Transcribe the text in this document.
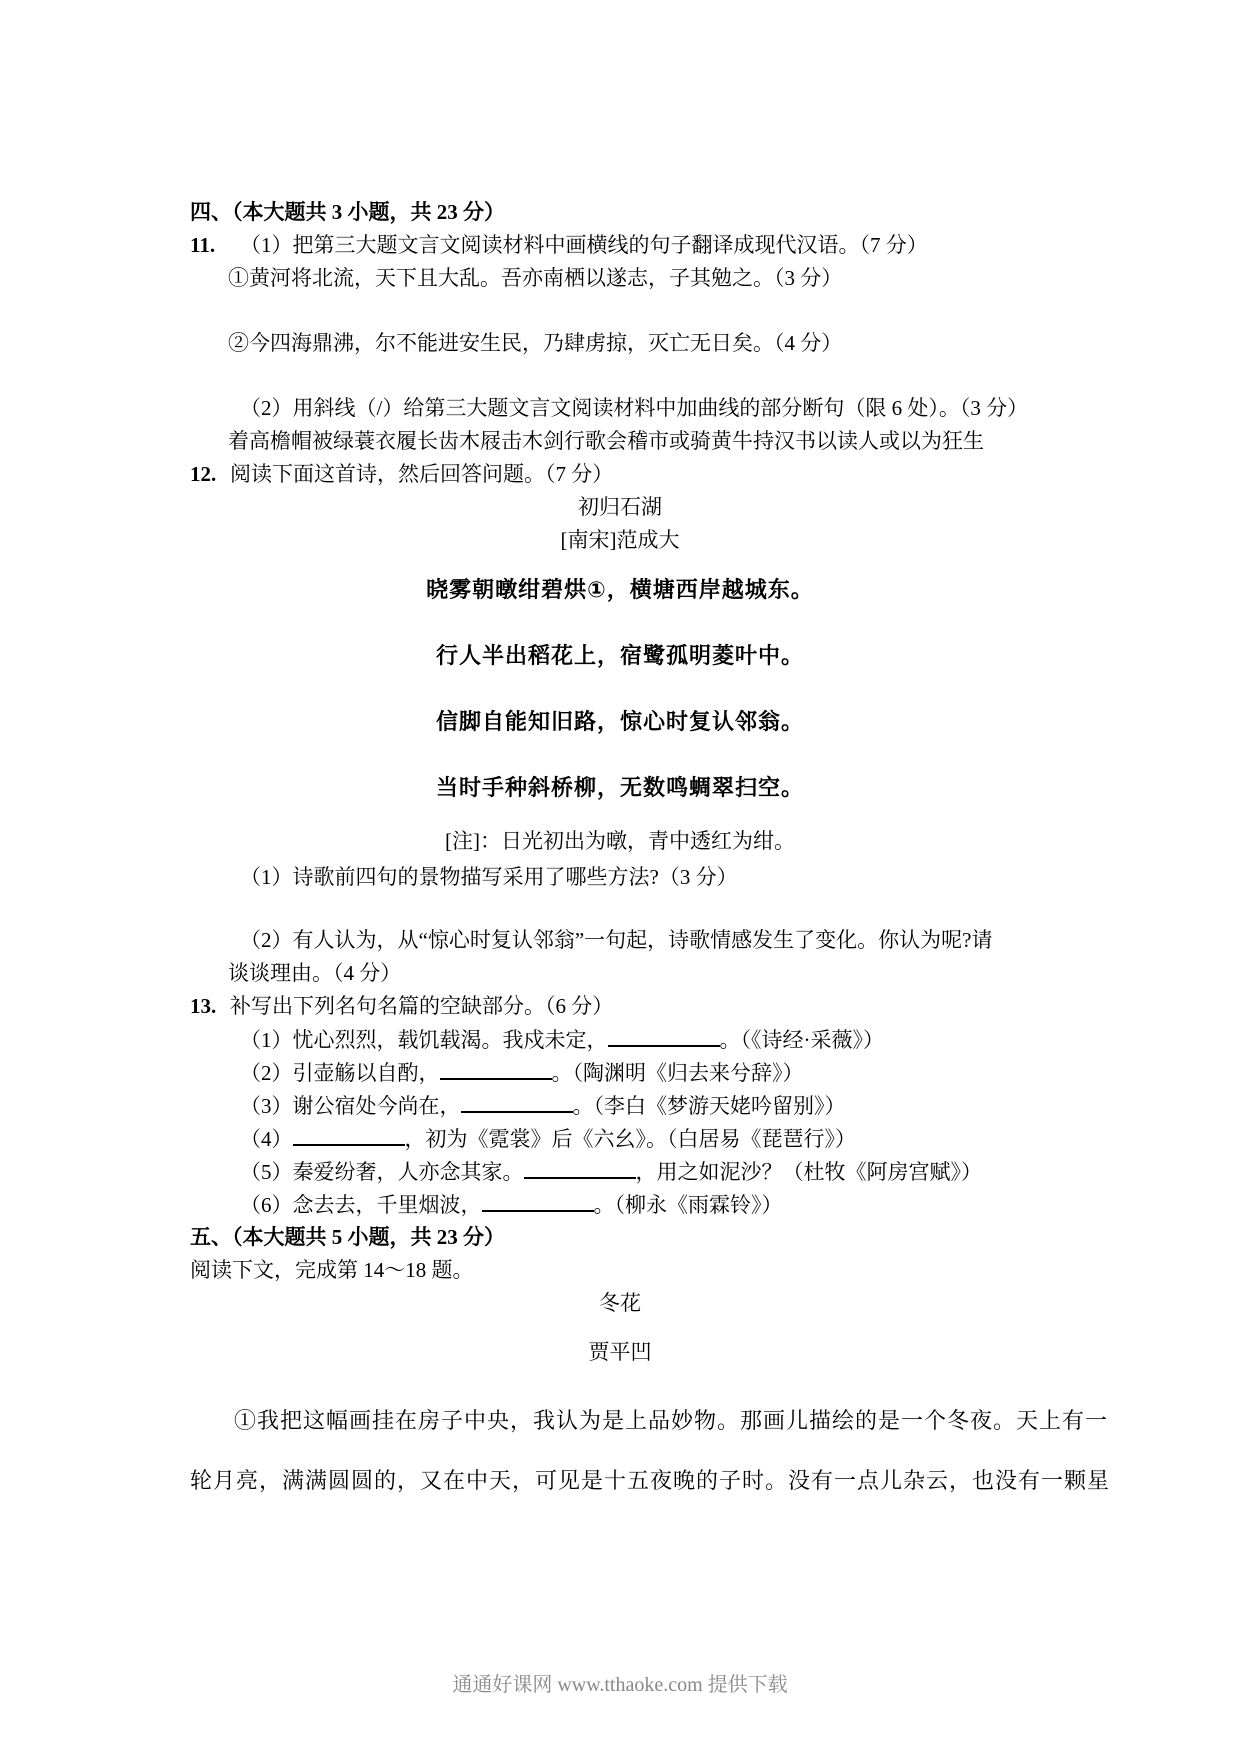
四、（本大题共 3 小题，共 23 分）
11. （1）把第三大题文言文阅读材料中画横线的句子翻译成现代汉语。（7 分）
①黄河将北流，天下且大乱。吾亦南栖以遂志，子其勉之。（3 分）
②今四海鼎沸，尔不能进安生民，乃肆虏掠，灭亡无日矣。（4 分）
（2）用斜线（/）给第三大题文言文阅读材料中加曲线的部分断句（限 6 处）。（3 分）
着高檐帽被绿蓑衣履长齿木屐击木剑行歌会稽市或骑黄牛持汉书以读人或以为狂生
12. 阅读下面这首诗，然后回答问题。（7 分）
初归石湖
[南宋]范成大
晓雾朝暾绀碧烘①，横塘西岸越城东。
行人半出稻花上，宿鹭孤明菱叶中。
信脚自能知旧路，惊心时复认邻翁。
当时手种斜桥柳，无数鸣蜩翠扫空。
[注]：日光初出为暾，青中透红为绀。
（1）诗歌前四句的景物描写采用了哪些方法?（3 分）
（2）有人认为，从“惊心时复认邻翁”一句起，诗歌情感发生了变化。你认为呢?请
谈谈理由。（4 分）
13. 补写出下列名句名篇的空缺部分。（6 分）
（1）忧心烈烈，载饥载渴。我戍未定，	。（《诗经·采薇》）
（2）引壶觞以自酌，	。（陶渊明《归去来兮辞》）
（3）谢公宿处今尚在，	。（李白《梦游天姥吟留别》）
（4）	，初为《霓裳》后《六幺》。（白居易《琵琶行》）
（5）秦爱纷奢，人亦念其家。	，用之如泥沙？（杜牧《阿房宫赋》）
（6）念去去，千里烟波，	。（柳永《雨霖铃》）
五、（本大题共 5 小题，共 23 分）
阅读下文，完成第 14～18 题。
冬花
贾平凹
①我把这幅画挂在房子中央，我认为是上品妙物。那画儿描绘的是一个冬夜。天上有一
轮月亮，满满圆圆的，又在中天，可见是十五夜晚的子时。没有一点儿杂云，也没有一颗星
通通好课网 www.tthaoke.com 提供下载
